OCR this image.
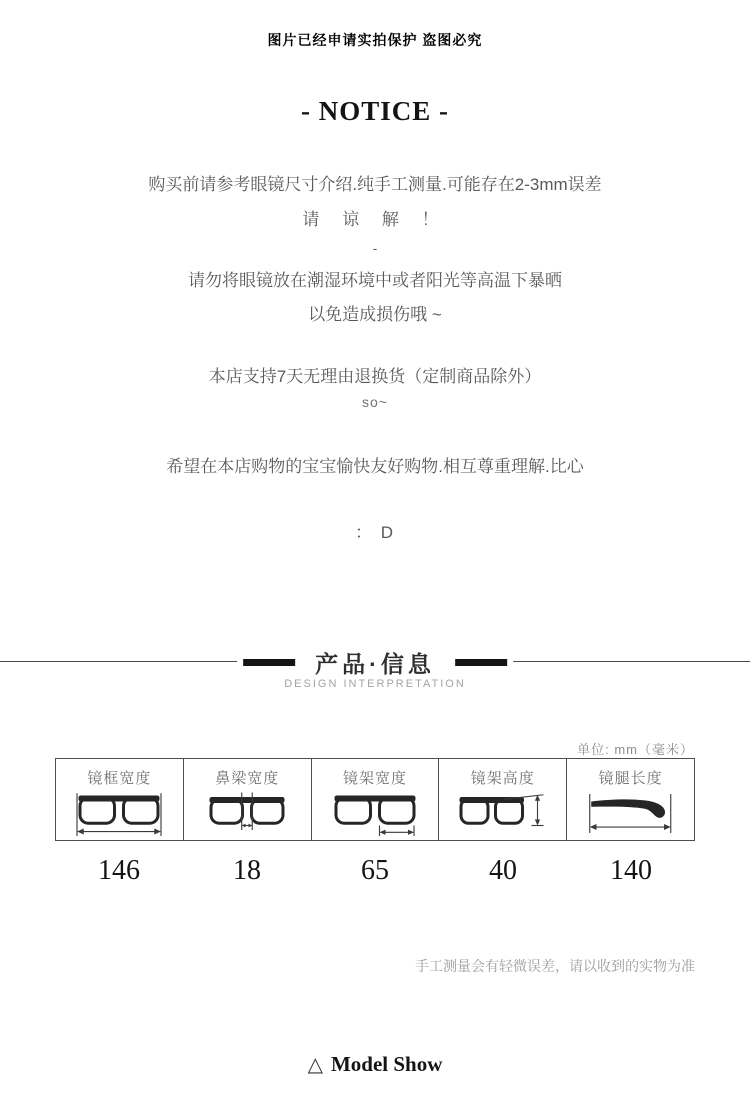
图片已经申请实拍保护 盗图必究
- NOTICE -
购买前请参考眼镜尺寸介绍.纯手工测量.可能存在2-3mm误差
请 谅 解 ！
-
请勿将眼镜放在潮湿环境中或者阳光等高温下暴晒
以免造成损伤哦 ~
本店支持7天无理由退换货（定制商品除外）
so~
希望在本店购物的宝宝愉快友好购物.相互尊重理解.比心
： D
产品·信息
DESIGN INTERPRETATION
单位: mm（毫米）
镜框宽度	鼻梁宽度	镜架宽度	镜架高度	镜腿长度
146	18	65	40	140
手工测量会有轻微误差，请以收到的实物为准
△ Model Show
